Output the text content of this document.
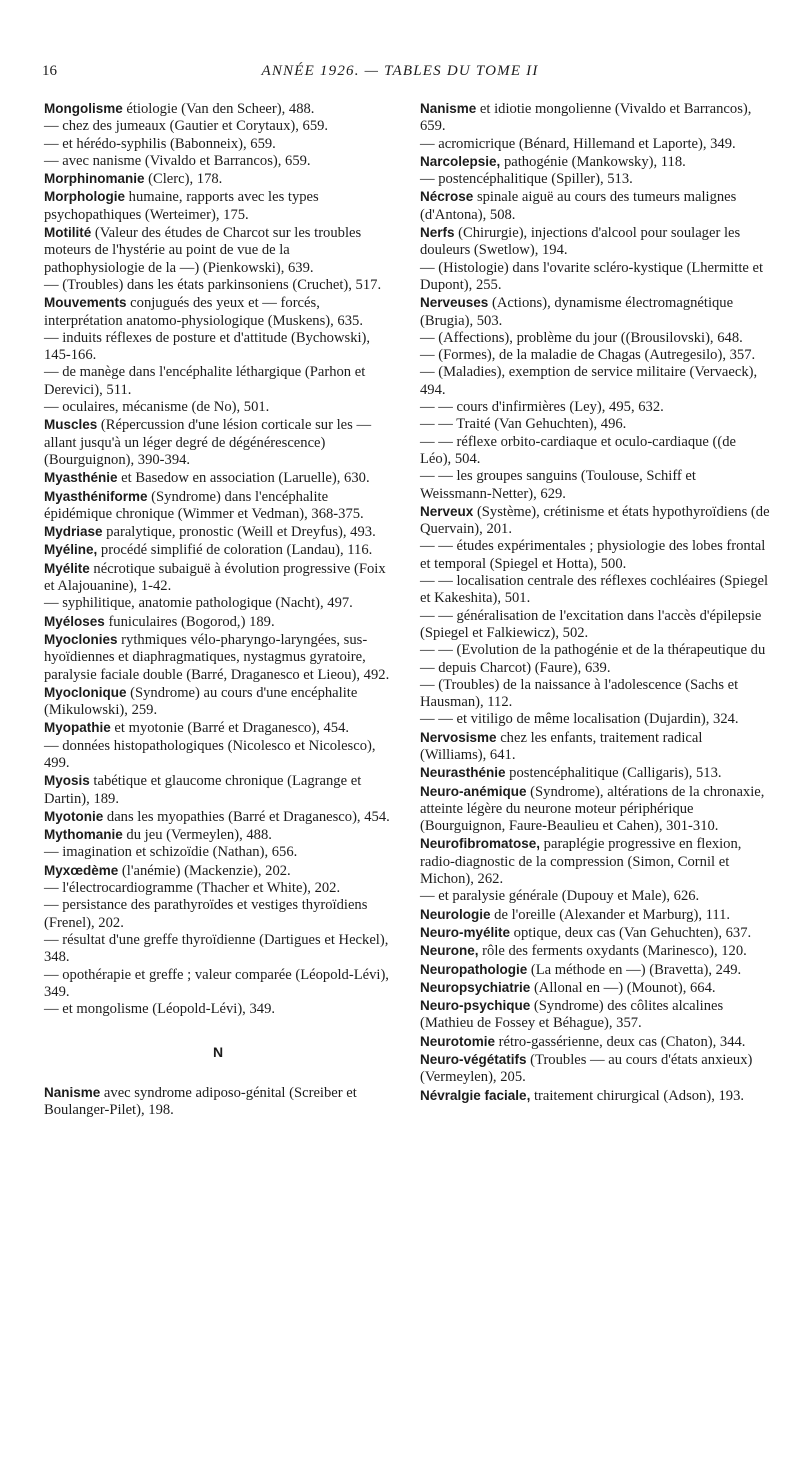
16	ANNÉE 1926. — TABLES DU TOME II
Mongolisme étiologie (Van den Scheer), 488.
— chez des jumeaux (Gautier et Corytaux), 659.
— et hérédo-syphilis (Babonneix), 659.
— avec nanisme (Vivaldo et Barrancos), 659.
Morphinomanie (Clerc), 178.
Morphologie humaine, rapports avec les types psychopathiques (Werteimer), 175.
Motilité (Valeur des études de Charcot sur les troubles moteurs de l'hystérie au point de vue de la pathophysiologie de la —) (Pienkowski), 639.
— (Troubles) dans les états parkinsoniens (Cruchet), 517.
Mouvements conjugués des yeux et — forcés, interprétation anatomo-physiologique (Muskens), 635.
— induits réflexes de posture et d'attitude (Bychowski), 145-166.
— de manège dans l'encéphalite léthargique (Parhon et Derevici), 511.
— oculaires, mécanisme (de No), 501.
Muscles (Répercussion d'une lésion corticale sur les — allant jusqu'à un léger degré de dégénérescence) (Bourguignon), 390-394.
Myasthénie et Basedow en association (Laruelle), 630.
Myasthéniforme (Syndrome) dans l'encéphalite épidémique chronique (Wimmer et Vedman), 368-375.
Mydriase paralytique, pronostic (Weill et Dreyfus), 493.
Myéline, procédé simplifié de coloration (Landau), 116.
Myélite nécrotique subaiguë à évolution progressive (Foix et Alajouanine), 1-42.
— syphilitique, anatomie pathologique (Nacht), 497.
Myéloses funiculaires (Bogorod,) 189.
Myoclonies rythmiques vélo-pharyngo-laryngées, sus-hyoïdiennes et diaphragmatiques, nystagmus gyratoire, paralysie faciale double (Barré, Draganesco et Lieou), 492.
Myoclonique (Syndrome) au cours d'une encéphalite (Mikulowski), 259.
Myopathie et myotonie (Barré et Draganesco), 454.
— données histopathologiques (Nicolesco et Nicolesco), 499.
Myosis tabétique et glaucome chronique (Lagrange et Dartin), 189.
Myotonie dans les myopathies (Barré et Draganesco), 454.
Mythomanie du jeu (Vermeylen), 488.
— imagination et schizoïdie (Nathan), 656.
Myxœdème (l'anémie) (Mackenzie), 202.
— l'électrocardiogramme (Thacher et White), 202.
— persistance des parathyroïdes et vestiges thyroïdiens (Frenel), 202.
— résultat d'une greffe thyroïdienne (Dartigues et Heckel), 348.
— opothérapie et greffe ; valeur comparée (Léopold-Lévi), 349.
— et mongolisme (Léopold-Lévi), 349.
N
Nanisme avec syndrome adiposo-génital (Screiber et Boulanger-Pilet), 198.
Nanisme et idiotie mongolienne (Vivaldo et Barrancos), 659.
— acromicrique (Bénard, Hillemand et Laporte), 349.
Narcolepsie, pathogénie (Mankowsky), 118.
— postencéphalitique (Spiller), 513.
Nécrose spinale aiguë au cours des tumeurs malignes (d'Antona), 508.
Nerfs (Chirurgie), injections d'alcool pour soulager les douleurs (Swetlow), 194.
— (Histologie) dans l'ovarite scléro-kystique (Lhermitte et Dupont), 255.
Nerveuses (Actions), dynamisme électromagnétique (Brugia), 503.
— (Affections), problème du jour ((Brousilovski), 648.
— (Formes), de la maladie de Chagas (Autregesilo), 357.
— (Maladies), exemption de service militaire (Vervaeck), 494.
— — cours d'infirmières (Ley), 495, 632.
— — Traité (Van Gehuchten), 496.
— — réflexe orbito-cardiaque et oculo-cardiaque ((de Léo), 504.
— — les groupes sanguins (Toulouse, Schiff et Weissmann-Netter), 629.
Nerveux (Système), crétinisme et états hypothyroïdiens (de Quervain), 201.
— — études expérimentales ; physiologie des lobes frontal et temporal (Spiegel et Hotta), 500.
— — localisation centrale des réflexes cochléaires (Spiegel et Kakeshita), 501.
— — généralisation de l'excitation dans l'accès d'épilepsie (Spiegel et Falkiewicz), 502.
— — (Evolution de la pathogénie et de la thérapeutique du — depuis Charcot) (Faure), 639.
— (Troubles) de la naissance à l'adolescence (Sachs et Hausman), 112.
— — et vitiligo de même localisation (Dujardin), 324.
Nervosisme chez les enfants, traitement radical (Williams), 641.
Neurasthénie postencéphalitique (Calligaris), 513.
Neuro-anémique (Syndrome), altérations de la chronaxie, atteinte légère du neurone moteur périphérique (Bourguignon, Faure-Beaulieu et Cahen), 301-310.
Neurofibromatose, paraplégie progressive en flexion, radio-diagnostic de la compression (Simon, Cornil et Michon), 262.
— et paralysie générale (Dupouy et Male), 626.
Neurologie de l'oreille (Alexander et Marburg), 111.
Neuro-myélite optique, deux cas (Van Gehuchten), 637.
Neurone, rôle des ferments oxydants (Marinesco), 120.
Neuropathologie (La méthode en —) (Bravetta), 249.
Neuropsychiatrie (Allonal en —) (Mounot), 664.
Neuro-psychique (Syndrome) des côlites alcalines (Mathieu de Fossey et Béhague), 357.
Neurotomie rétro-gassérienne, deux cas (Chaton), 344.
Neuro-végétatifs (Troubles — au cours d'états anxieux) (Vermeylen), 205.
Névralgie faciale, traitement chirurgical (Adson), 193.
